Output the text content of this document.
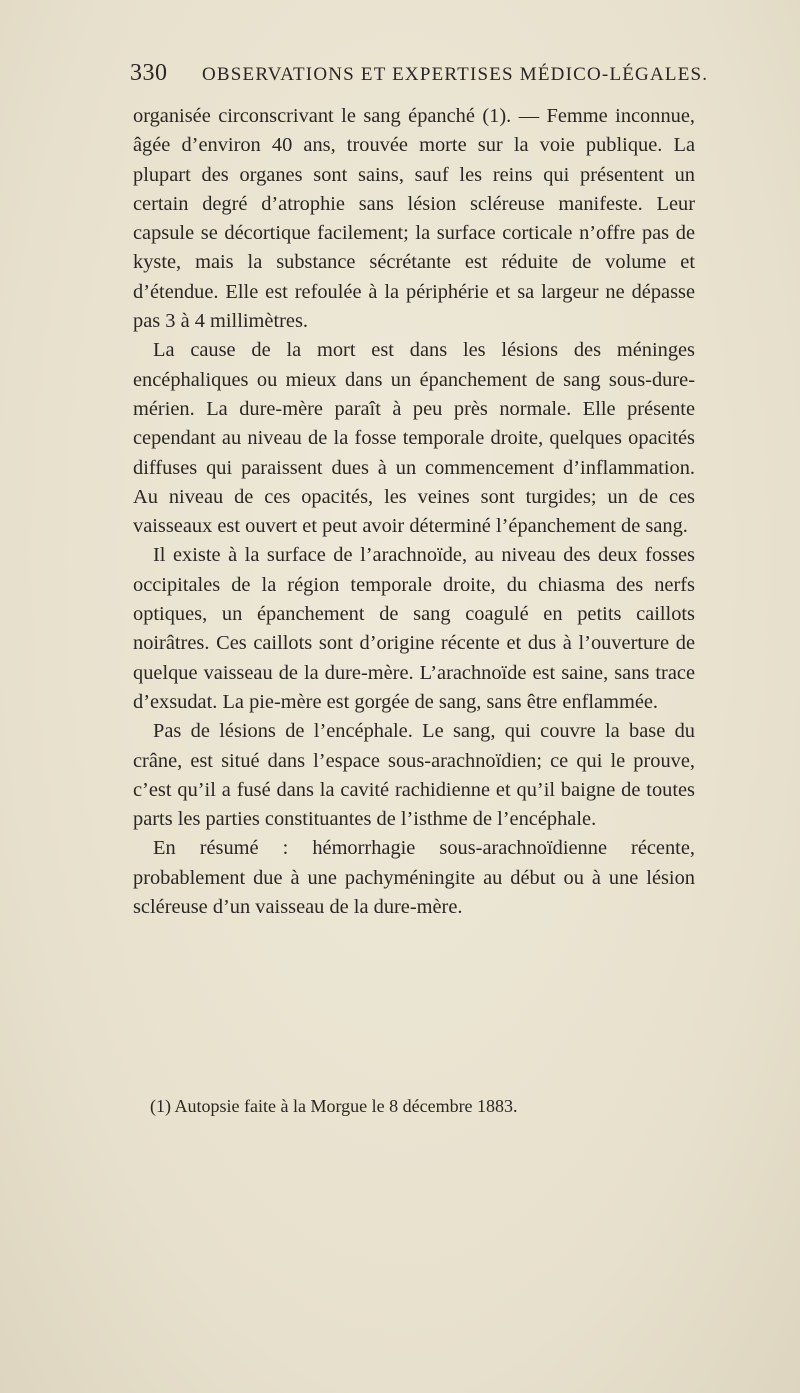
330 OBSERVATIONS ET EXPERTISES MÉDICO-LÉGALES.

organisée circonscrivant le sang épanché (1). — Femme inconnue, âgée d’environ 40 ans, trouvée morte sur la voie publique. La plupart des organes sont sains, sauf les reins qui présentent un certain degré d’atrophie sans lésion scléreuse manifeste. Leur capsule se décortique facilement; la surface corticale n’offre pas de kyste, mais la substance sécrétante est réduite de volume et d’étendue. Elle est refoulée à la périphérie et sa largeur ne dépasse pas 3 à 4 millimètres.

La cause de la mort est dans les lésions des méninges encéphaliques ou mieux dans un épanchement de sang sous-dure-mérien. La dure-mère paraît à peu près normale. Elle présente cependant au niveau de la fosse temporale droite, quelques opacités diffuses qui paraissent dues à un commencement d’inflammation. Au niveau de ces opacités, les veines sont turgides; un de ces vaisseaux est ouvert et peut avoir déterminé l’épanchement de sang.

Il existe à la surface de l’arachnoïde, au niveau des deux fosses occipitales de la région temporale droite, du chiasma des nerfs optiques, un épanchement de sang coagulé en petits caillots noirâtres. Ces caillots sont d’origine récente et dus à l’ouverture de quelque vaisseau de la dure-mère. L’arachnoïde est saine, sans trace d’exsudat. La pie-mère est gorgée de sang, sans être enflammée.

Pas de lésions de l’encéphale. Le sang, qui couvre la base du crâne, est situé dans l’espace sous-arachnoïdien; ce qui le prouve, c’est qu’il a fusé dans la cavité rachidienne et qu’il baigne de toutes parts les parties constituantes de l’isthme de l’encéphale.

En résumé : hémorrhagie sous-arachnoïdienne récente, probablement due à une pachyméningite au début ou à une lésion scléreuse d’un vaisseau de la dure-mère.

(1) Autopsie faite à la Morgue le 8 décembre 1883.
